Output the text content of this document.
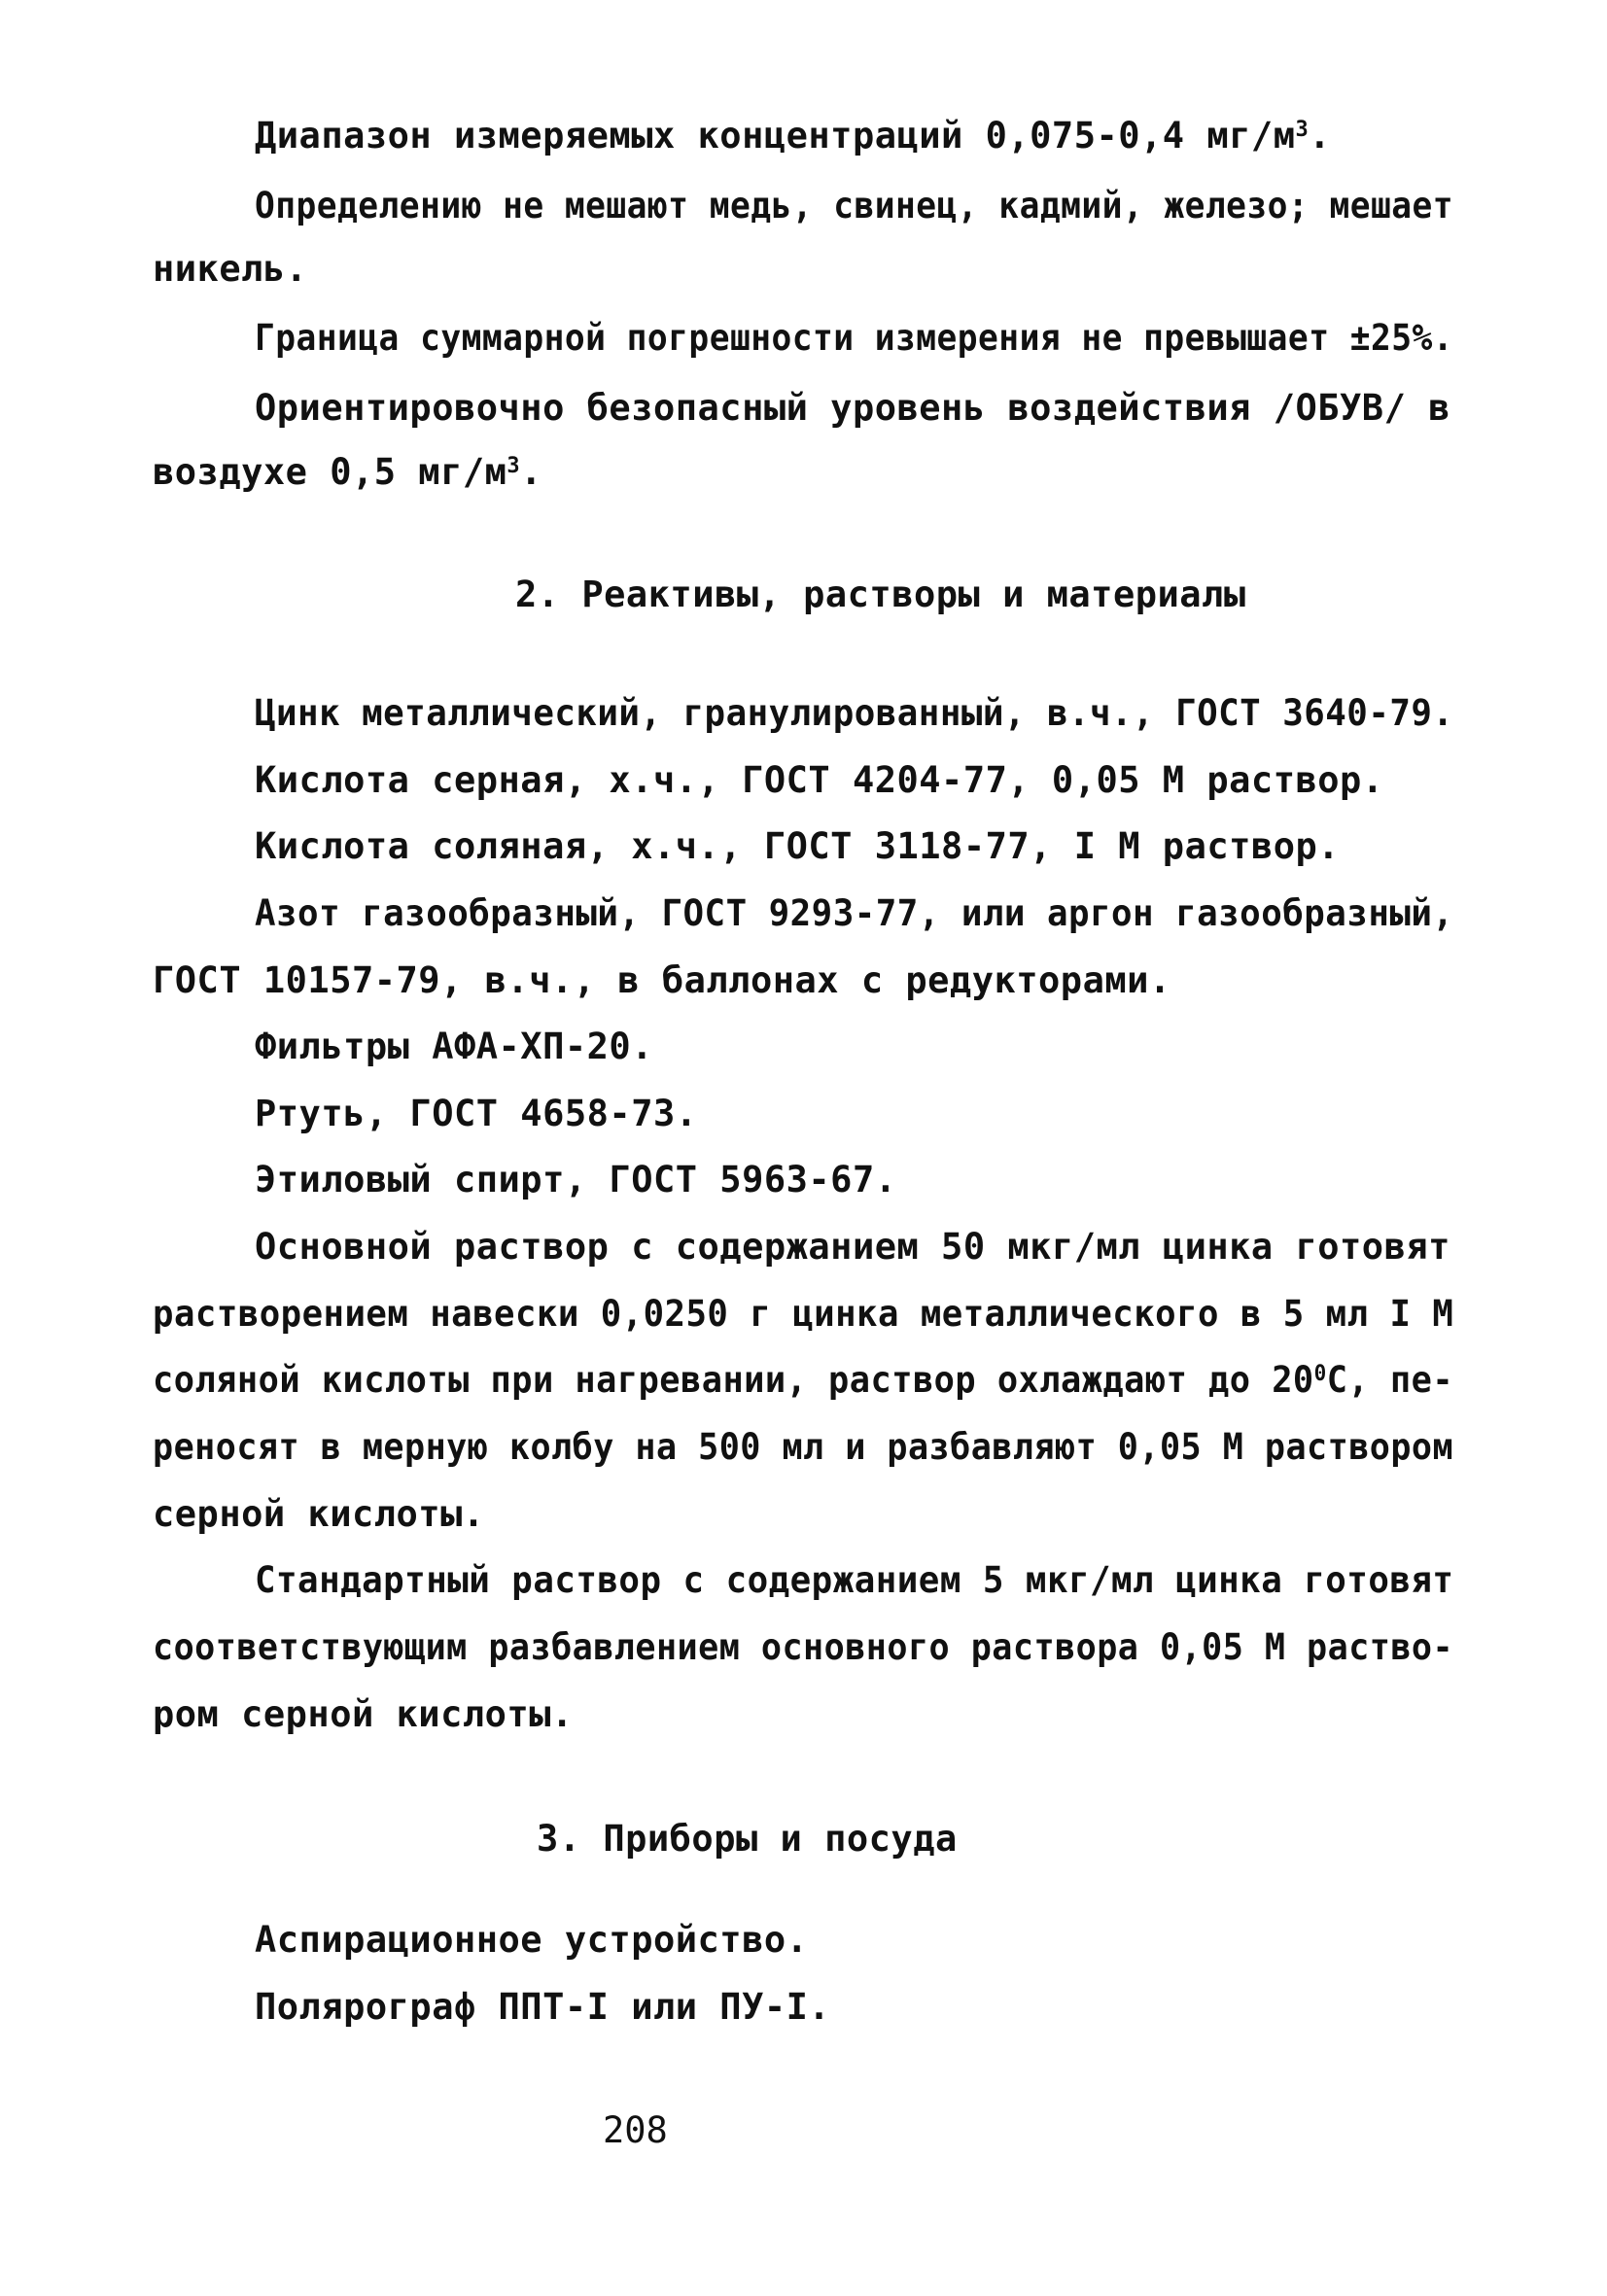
Диапазон измеряемых концентраций 0,075-0,4 $мг/м^3$.
Определению не мешают медь, свинец, кадмий, железо; мешает
никель.
Граница суммарной погрешности измерения не превышает ±25%.
Ориентировочно безопасный уровень воздействия /ОБУВ/ в
воздухе 0,5 $мг/м^3$.
2. Реактивы, растворы и материалы
Цинк металлический, гранулированный, в.ч., ГОСТ 3640-79.
Кислота серная, х.ч., ГОСТ 4204-77, 0,05 М раствор.
Кислота соляная, х.ч., ГОСТ 3118-77, I М раствор.
Азот газообразный, ГОСТ 9293-77, или аргон газообразный,
ГОСТ 10157-79, в.ч., в баллонах с редукторами.
Фильтры АФА-ХП-20.
Ртуть, ГОСТ 4658-73.
Этиловый спирт, ГОСТ 5963-67.
Основной раствор с содержанием 50 мкг/мл цинка готовят
растворением навески 0,0250 г цинка металлического в 5 мл I М
соляной кислоты при нагревании, раствор охлаждают до $20^0С$, пе-
реносят в мерную колбу на 500 мл и разбавляют 0,05 М раствором
серной кислоты.
Стандартный раствор с содержанием 5 мкг/мл цинка готовят
соответствующим разбавлением основного раствора 0,05 М раство-
ром серной кислоты.
3. Приборы и посуда
Аспирационное устройство.
Полярограф ППТ-I или ПУ-I.
208
